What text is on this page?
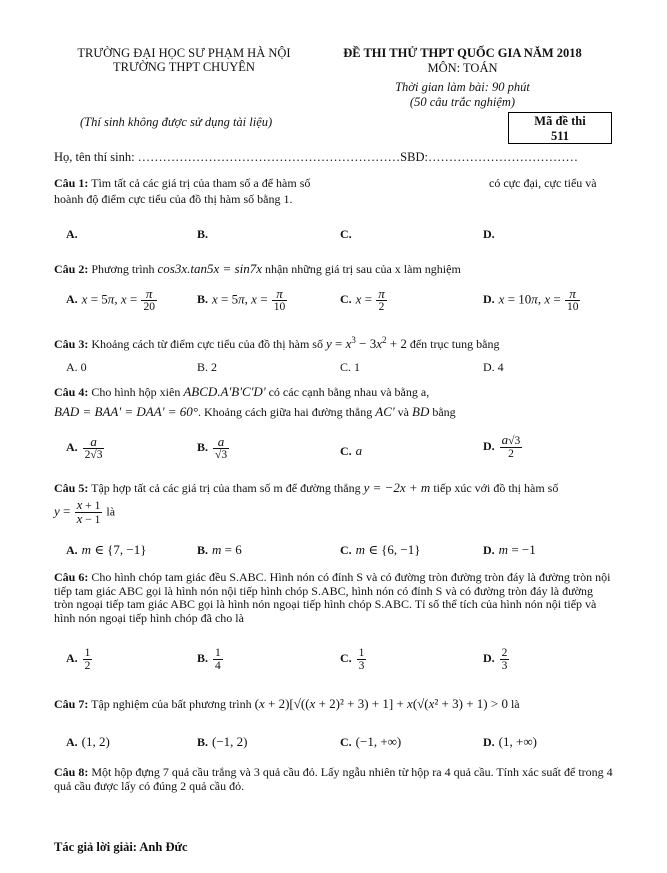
TRƯỜNG ĐẠI HỌC SƯ PHẠM HÀ NỘI
TRƯỜNG THPT CHUYÊN
ĐỀ THI THỬ THPT QUỐC GIA NĂM 2018
MÔN: TOÁN
Thời gian làm bài: 90 phút
(50 câu trắc nghiệm)
(Thí sinh không được sử dụng tài liệu)	Mã đề thi
511
Họ, tên thí sinh: ………………………………………………………SBD:………………………………
Câu 1: Tìm tất cả các giá trị của tham số a để hàm số	có cực đại, cực tiểu và
hoành độ điểm cực tiểu của đồ thị hàm số bằng 1.
A.	B.	C.	D.
Câu 2: Phương trình cos3x.tan5x = sin7x nhận những giá trị sau của x làm nghiệm
A. x = 5π, $x = \frac{\pi}{20}$	B. x = 5π, $x = \frac{\pi}{10}$	C. $x = \frac{\pi}{2}$	D. x = 10π, $x = \frac{\pi}{10}$
Câu 3: Khoảng cách từ điểm cực tiểu của đồ thị hàm số $y = x^3 - 3x^2 + 2$ đến trục tung bằng
A. 0	B. 2	C. 1	D. 4
Câu 4: Cho hình hộp xiên ABCD.A'B'C'D' có các cạnh bằng nhau và bằng a,
BAD = BAA' = DAA' = 60°. Khoảng cách giữa hai đường thẳng AC' và BD bằng
A. $\frac{a}{2√3}$	B. $\frac{a}{√3}$	C. a	D. $\frac{a√3}{2}$
Câu 5: Tập hợp tất cả các giá trị của tham số m để đường thẳng y = −2x + m tiếp xúc với đồ thị hàm số
$y = \frac{x + 1}{x - 1}$ là
A. m ∈ {7, −1}	B. m = 6	C. m ∈ {6, −1}	D. m = −1
Câu 6: Cho hình chóp tam giác đều S.ABC. Hình nón có đỉnh S và có đường tròn đường tròn đáy là đường tròn nội tiếp tam giác ABC gọi là hình nón nội tiếp hình chóp S.ABC, hình nón có đỉnh S và có đường tròn đáy là đường tròn ngoại tiếp tam giác ABC gọi là hình nón ngoại tiếp hình chóp S.ABC. Tỉ số thể tích của hình nón nội tiếp và hình nón ngoại tiếp hình chóp đã cho là
A. $\frac{1}{2}$	B. $\frac{1}{4}$	C. $\frac{1}{3}$	D. $\frac{2}{3}$
Câu 7: Tập nghiệm của bất phương trình (x + 2)[√((x + 2)² + 3) + 1] + x(√(x² + 3) + 1) > 0 là
A. (1, 2)	B. (−1, 2)	C. (−1, +∞)	D. (1, +∞)
Câu 8: Một hộp đựng 7 quả cầu trắng và 3 quả cầu đỏ. Lấy ngẫu nhiên từ hộp ra 4 quả cầu. Tính xác suất để trong 4 quả cầu được lấy có đúng 2 quả cầu đỏ.
Tác giả lời giải: Anh Đức
